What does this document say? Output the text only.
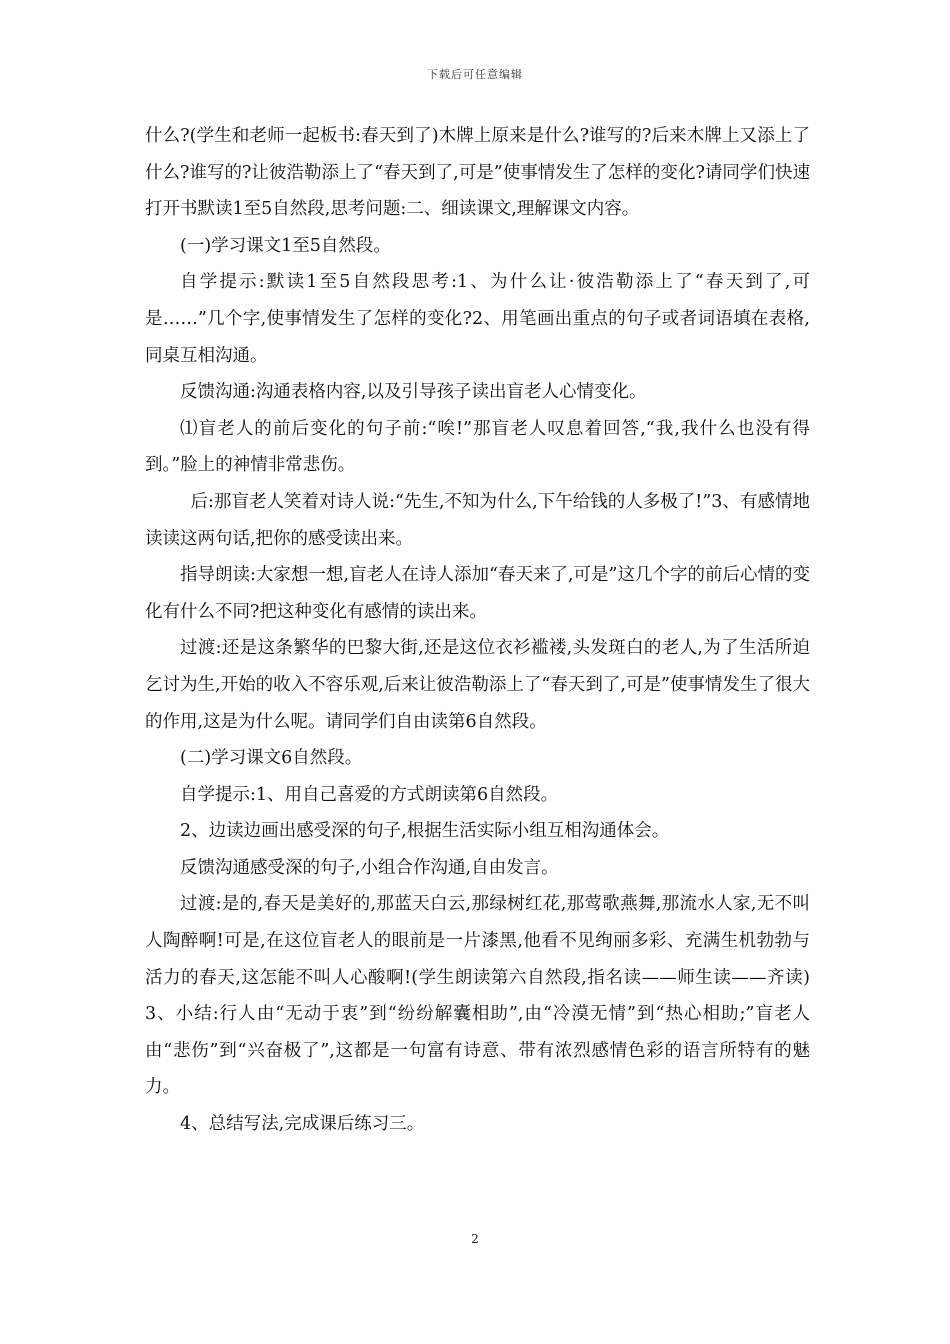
下载后可任意编辑

什么?(学生和老师一起板书:春天到了)木牌上原来是什么?谁写的?后来木牌上又添上了什么?谁写的?让彼浩勒添上了“春天到了,可是”使事情发生了怎样的变化?请同学们快速打开书默读1至5自然段,思考问题:二、细读课文,理解课文内容。

(一)学习课文1至5自然段。

自学提示:默读1至5自然段思考:1、为什么让·彼浩勒添上了“春天到了,可是……”几个字,使事情发生了怎样的变化?2、用笔画出重点的句子或者词语填在表格,同桌互相沟通。

反馈沟通:沟通表格内容,以及引导孩子读出盲老人心情变化。

⑴盲老人的前后变化的句子前:“唉!”那盲老人叹息着回答,“我,我什么也没有得到。”脸上的神情非常悲伤。

后:那盲老人笑着对诗人说:“先生,不知为什么,下午给钱的人多极了!”3、有感情地读读这两句话,把你的感受读出来。

指导朗读:大家想一想,盲老人在诗人添加“春天来了,可是”这几个字的前后心情的变化有什么不同?把这种变化有感情的读出来。

过渡:还是这条繁华的巴黎大街,还是这位衣衫褴褛,头发斑白的老人,为了生活所迫乞讨为生,开始的收入不容乐观,后来让彼浩勒添上了“春天到了,可是”使事情发生了很大的作用,这是为什么呢。请同学们自由读第6自然段。

(二)学习课文6自然段。

自学提示:1、用自己喜爱的方式朗读第6自然段。

2、边读边画出感受深的句子,根据生活实际小组互相沟通体会。

反馈沟通感受深的句子,小组合作沟通,自由发言。

过渡:是的,春天是美好的,那蓝天白云,那绿树红花,那莺歌燕舞,那流水人家,无不叫人陶醉啊!可是,在这位盲老人的眼前是一片漆黑,他看不见绚丽多彩、充满生机勃勃与活力的春天,这怎能不叫人心酸啊!(学生朗读第六自然段,指名读——师生读——齐读)3、小结:行人由“无动于衷”到“纷纷解囊相助”,由“冷漠无情”到“热心相助;”盲老人由“悲伤”到“兴奋极了”,这都是一句富有诗意、带有浓烈感情色彩的语言所特有的魅力。

4、总结写法,完成课后练习三。

2
